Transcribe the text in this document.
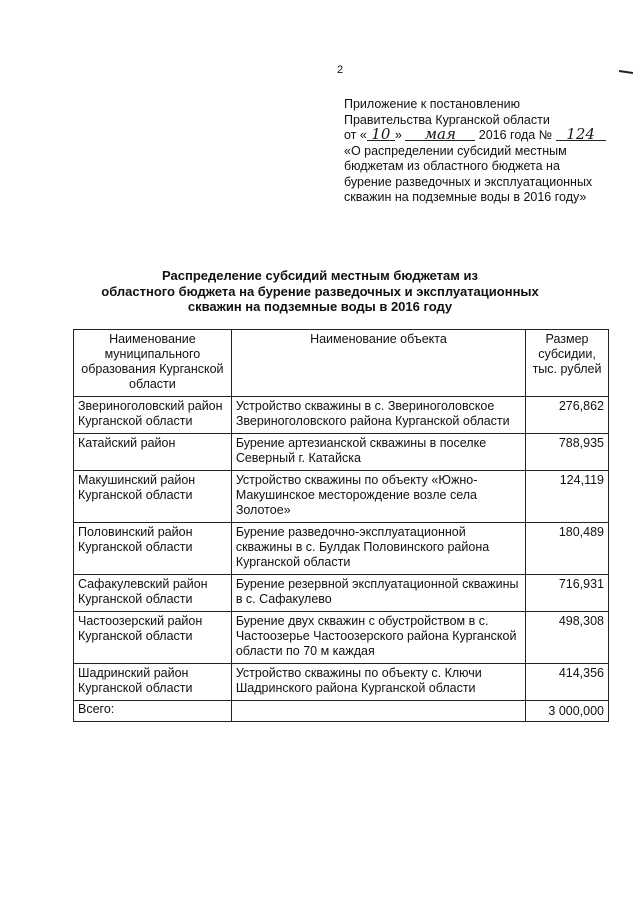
2
Приложение к постановлению
Правительства Курганской области
от « 10 » мая 2016 года № 124
«О распределении субсидий местным
бюджетам из областного бюджета на
бурение разведочных и эксплуатационных
скважин на подземные воды в 2016 году»
Распределение субсидий местным бюджетам из
областного бюджета на бурение разведочных и эксплуатационных
скважин на подземные воды в 2016 году
Наименование муниципального образования Курганской области	Наименование объекта	Размер субсидии, тыс. рублей
Звериноголовский район Курганской области	Устройство скважины в с. Звериноголовское Звериноголовского района Курганской области	276,862
Катайский район	Бурение артезианской скважины в поселке Северный г. Катайска	788,935
Макушинский район Курганской области	Устройство скважины по объекту «Южно-Макушинское месторождение возле села Золотое»	124,119
Половинский район Курганской области	Бурение разведочно-эксплуатационной скважины в с. Булдак Половинского района Курганской области	180,489
Сафакулевский район Курганской области	Бурение резервной эксплуатационной скважины в с. Сафакулево	716,931
Частоозерский район Курганской области	Бурение двух скважин с обустройством в с. Частоозерье Частоозерского района Курганской области по 70 м каждая	498,308
Шадринский район Курганской области	Устройство скважины по объекту с. Ключи Шадринского района Курганской области	414,356
Всего:		3 000,000
